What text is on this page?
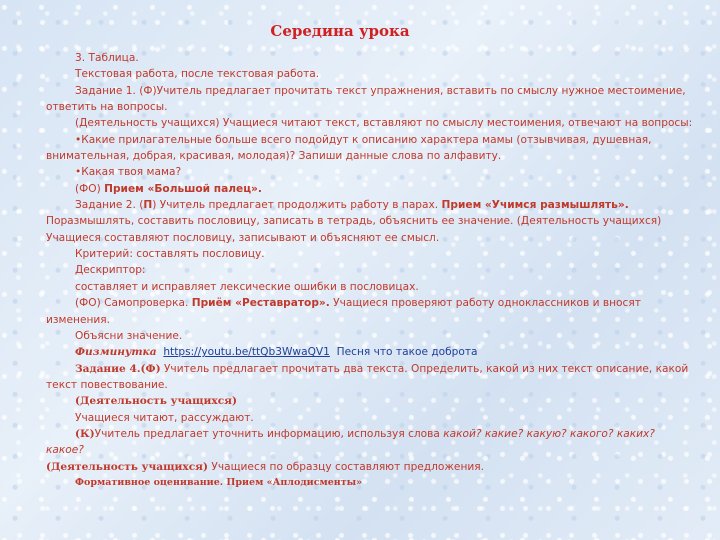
Середина урока

3. Таблица.

Текстовая работа, после текстовая работа.

Задание 1. (Ф)Учитель предлагает прочитать текст упражнения, вставить по смыслу нужное местоимение, ответить на вопросы.

(Деятельность учащихся) Учащиеся читают текст, вставляют по смыслу местоимения, отвечают на вопросы:

•Какие прилагательные больше всего подойдут к описанию характера мамы (отзывчивая, душевная, внимательная, добрая, красивая, молодая)? Запиши данные слова по алфавиту.

•Какая твоя мама?

(ФО) Прием «Большой палец».

Задание 2. (П) Учитель предлагает продолжить работу в парах. Прием «Учимся размышлять». Поразмышлять, составить пословицу, записать в тетрадь, объяснить ее значение. (Деятельность учащихся) Учащиеся составляют пословицу, записывают и объясняют ее смысл.

Критерий: составлять пословицу.

Дескриптор:

составляет и исправляет лексические ошибки в пословицах.

(ФО) Самопроверка. Приём «Реставратор». Учащиеся проверяют работу одноклассников и вносят изменения.

Объясни значение.

Физминутка https://youtu.be/ttQb3WwaQV1 Песня что такое доброта

Задание 4.(Ф) Учитель предлагает прочитать два текста. Определить, какой из них текст описание, какой текст повествование.

(Деятельность учащихся)

Учащиеся читают, рассуждают.

(К)Учитель предлагает уточнить информацию, используя слова какой? какие? какую? какого? каких? какое?

(Деятельность учащихся) Учащиеся по образцу составляют предложения.

Формативное оценивание. Прием «Аплодисменты»
